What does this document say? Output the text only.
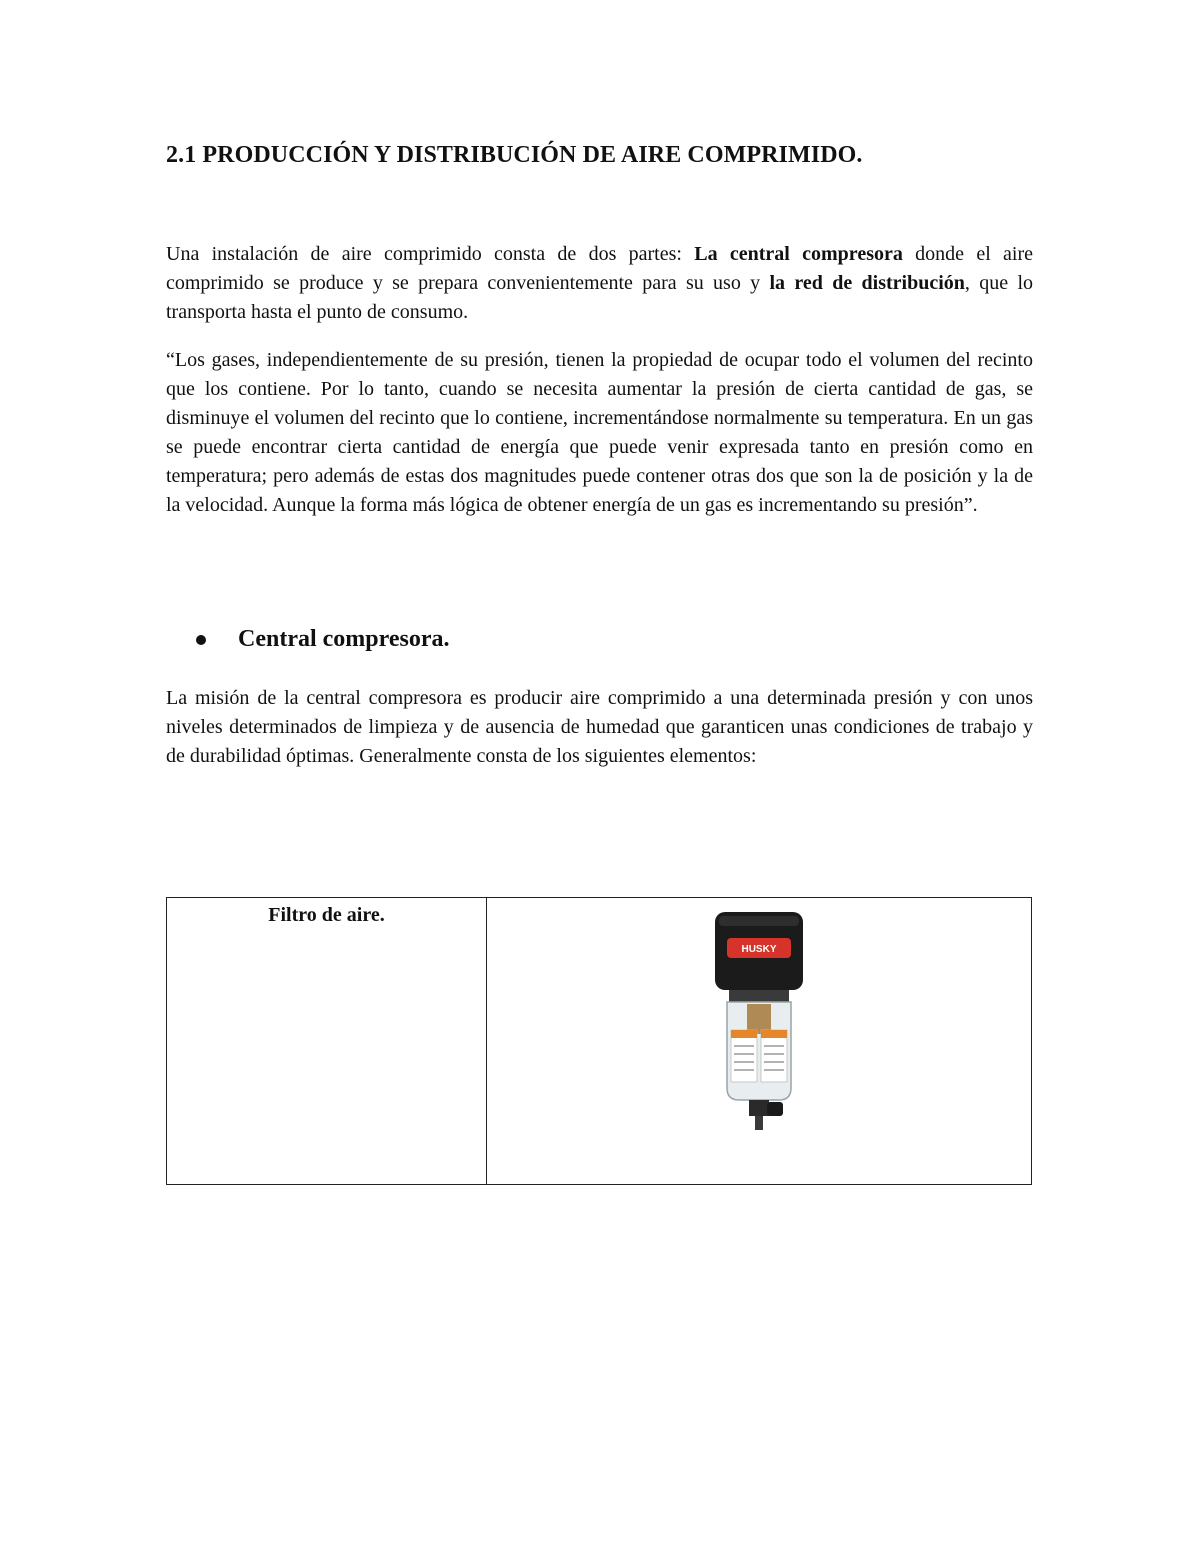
2.1 PRODUCCIÓN Y DISTRIBUCIÓN DE AIRE COMPRIMIDO.

Una instalación de aire comprimido consta de dos partes: La central compresora donde el aire comprimido se produce y se prepara convenientemente para su uso y la red de distribución, que lo transporta hasta el punto de consumo.

“Los gases, independientemente de su presión, tienen la propiedad de ocupar todo el volumen del recinto que los contiene. Por lo tanto, cuando se necesita aumentar la presión de cierta cantidad de gas, se disminuye el volumen del recinto que lo contiene, incrementándose normalmente su temperatura. En un gas se puede encontrar cierta cantidad de energía que puede venir expresada tanto en presión como en temperatura; pero además de estas dos magnitudes puede contener otras dos que son la de posición y la de la velocidad. Aunque la forma más lógica de obtener energía de un gas es incrementando su presión”.

Central compresora.

La misión de la central compresora es producir aire comprimido a una determinada presión y con unos niveles determinados de limpieza y de ausencia de humedad que garanticen unas condiciones de trabajo y de durabilidad óptimas. Generalmente consta de los siguientes elementos:

Filtro de aire.
HUSKY
